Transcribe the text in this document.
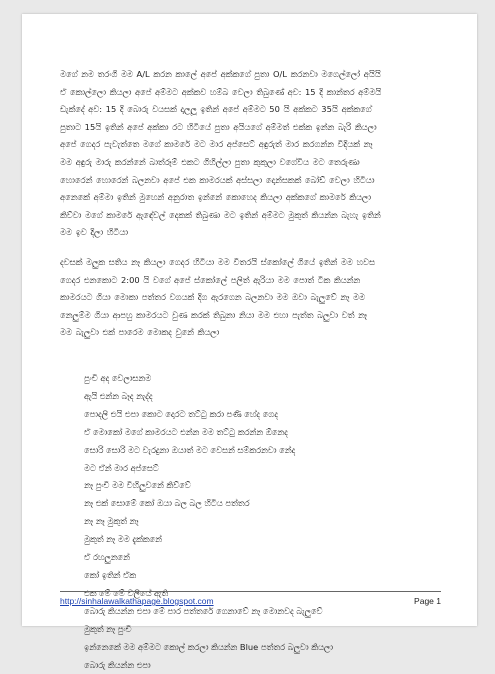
මගේ නම තරංගි මම A/L කරන කාලේ අපේ අක්කගේ පුතා O/L කරනවා මගෙල්ලෝ අයියි

ඒ කොල්ලො කියලා අපේ අම්මට අක්කව හම්බ වෙලා තිබුණේ අව: 15 දි කාන්තර අම්මයි

ඩැක්දේ අව: 15 දි බොරු වයසක් දාලලූ ඉතින් අපේ අම්මට 50 යි අක්කට 35යි අක්කගේ

පුතාට 15යි ඉතින් අපේ අක්කා රට හිටියේ පුතා අයියගේ අම්මත් එක්ක ඉන්න බැරි කියලා

අපේ ගෙදර පැවැත්තෙ මගේ කාමරේ මට මාර අප්සෙට් අඳුරුත් මාර කරගන්න විදියක් නෑ

මම අඳුරු මාරු කරන්නේ බාත්රූම් එකට ගිහිල්ලා පුතා කුකුලා වගේවිය මට තෙරුණා

හොරෙන් හොරෙන් බලනවා අපේ එක කාමරයක් අස්සලා දොන්සකක් බෝඩ් වෙලා හිටියා

අනෙකේ අම්මා ඉතින් මුහෙන් අනුරාත ඉන්නේ කොහෙද කියලා අක්කගේ කාමරේ කියලා

කිව්වා මගේ කාමරේ ඇඳේවල් දෙකක් තිබුණා මට ඉතින් අම්මට මුකුත් කියන්න බැහැ ඉතින්

මම ඉව දිලා හිටියා

දවසක් මලුක සතිය නෑ කියලා ගෙදර හිටියා මම වීතරයි ස්කෝලේ ගියේ ඉතින් මම හවස

ගෙදර එනකොට 2:00 යි වගේ අපේ ස්කෝලේ පලිත් ඇරියා මම පොත් ටික කියන්න

කාමරයට ගියා මොකා පත්තර වගයක් දිග ඇරගෙන බලනවා මම ඔවා බැලුවේ නෑ මම

නෙලුම්ම ගියා ආපහු කාමරයට වුණ කරක් තිබුනා නියා මම එහා පැත්ත බලුවා වත් නෑ

මම බැලුවා එක් පාරෙම මොකද වුනේ කියලා

පුංචි අද වෙලාසනම
ඇයි එන්න බෑද නැද්ද
පොදලි එයි එපා කොට දොරට තට්ටු කරා පණි හේද ගෙද
ඒ මොකෝ මගේ කාමරයට එන්න මම තට්ටු කරන්න ඕනෙද
සොරි සොරි මට වැරදුනා ඔයාත් මට වෙසන් සම්කරනවා නේද
මට ඒන් මාර අප්සෙට්
නෑ පුංචි මම විහිලුවනේ කිව්වේ
නෑ එක් සොමේ කෝ ඔයා බල බල හිටිය පත්තර
නෑ නෑ මුකුත් නෑ
මුකුත් නෑ මම දැක්කනේ
ඒ රහලුනනේ
කෝ ඉතින් ඒක
එක මේ මේ වලියේ ඇති
බොරු කියන්න එපා මේ පාර පත්තරේ ගෙනාවේ නෑ මොනවද බැලුවේ
මුකුත් නෑ පුංචි
ඉන්නෙකේ මම අම්මට කොල් කරලා කියන්න Blue පත්තර බලුවා කියලා
බොරු කියන්න එපා
http://sinhalawalkathapage.blogspot.com	Page 1
